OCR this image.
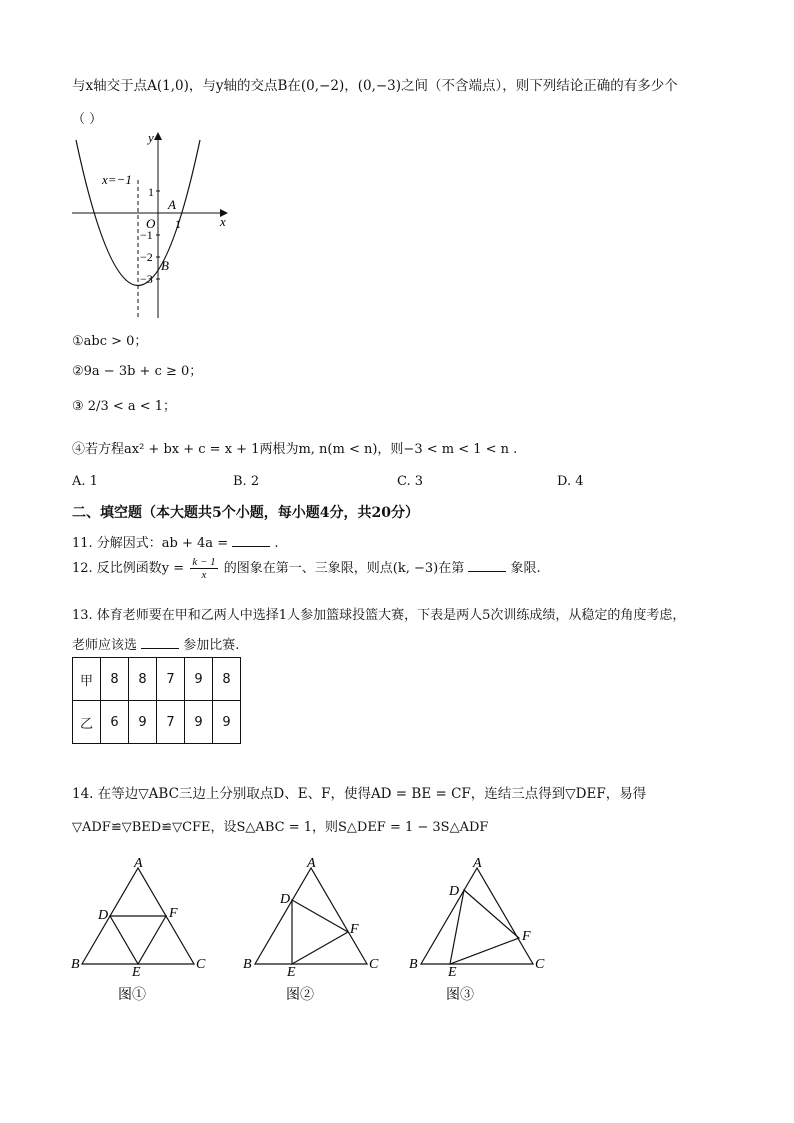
与x轴交于点A(1,0)，与y轴的交点B在(0,−2)，(0,−3)之间（不含端点），则下列结论正确的有多少个
（ ）
y
x
O
x=−1
1
−1
−2
−3
1
A
B
①abc > 0；
②9a − 3b + c ≥ 0；
③ 2/3 < a < 1；
④若方程ax² + bx + c = x + 1两根为m, n(m < n)，则−3 < m < 1 < n .
A. 1	B. 2	C. 3	D. 4
二、填空题（本大题共5个小题，每小题4分，共20分）
11. 分解因式：ab + 4a =	.
12. 反比例函数$y = \frac{k - 1}{x}$ 的图象在第一、三象限，则点(k, −3)在第	象限.
13. 体育老师要在甲和乙两人中选择1人参加篮球投篮大赛，下表是两人5次训练成绩，从稳定的角度考虑，
老师应该选	参加比赛.
甲	8	8	7	9	8
乙	6	9	7	9	9
14. 在等边▽ABC三边上分别取点D、E、F，使得AD = BE = CF，连结三点得到▽DEF，易得
▽ADF≌▽BED≌▽CFE，设S△ABC = 1，则S△DEF = 1 − 3S△ADF
A
B	C
D	F
E
图①
A
B	C
D
F
E
图②
A
B	C
D
F
E
图③
